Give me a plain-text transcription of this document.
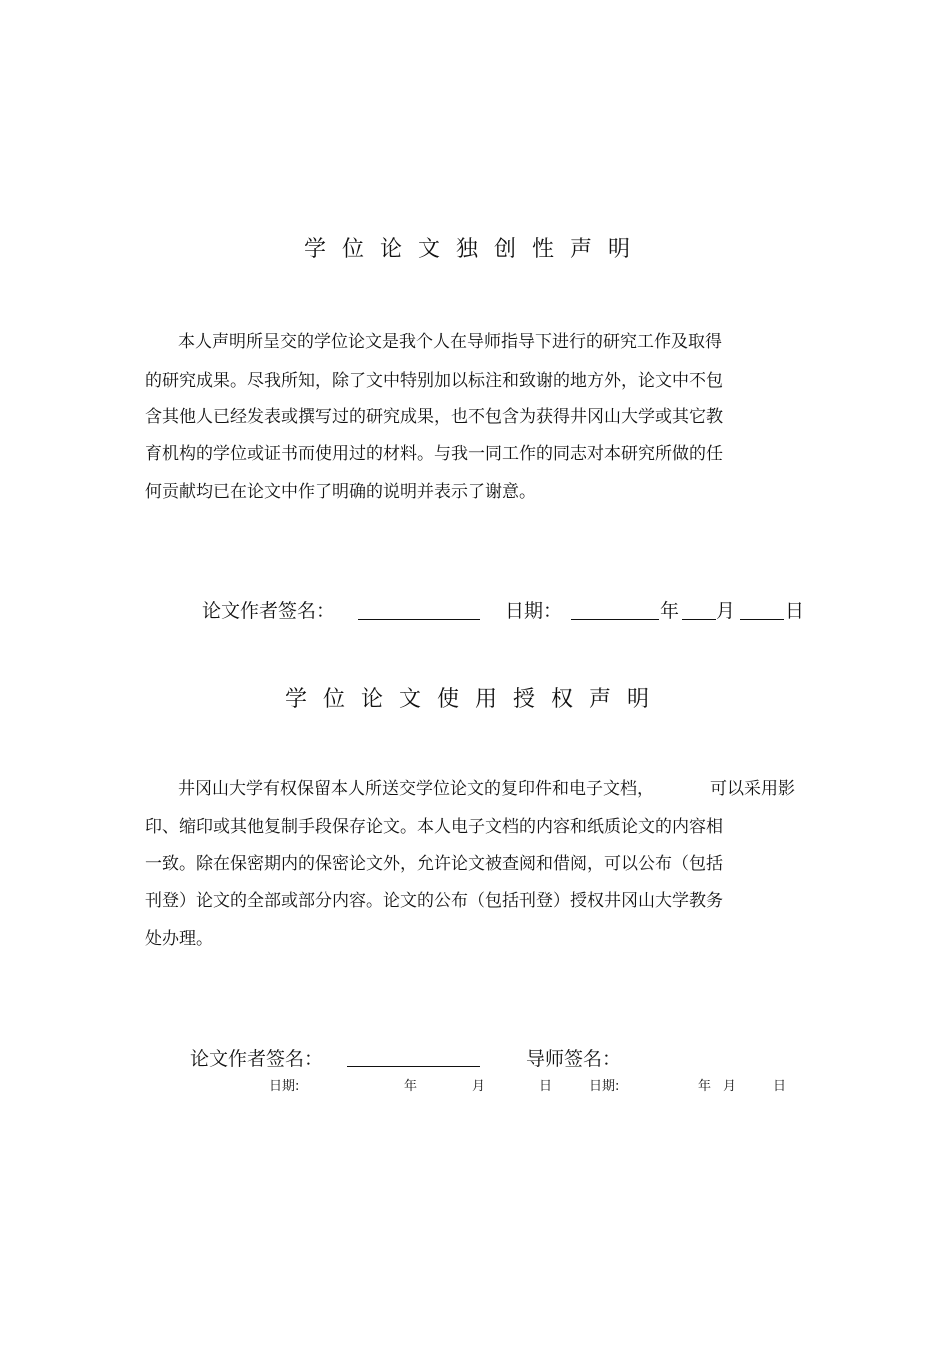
学位论文独创性声明
本人声明所呈交的学位论文是我个人在导师指导下进行的研究工作及取得
的研究成果。尽我所知，除了文中特别加以标注和致谢的地方外，论文中不包
含其他人已经发表或撰写过的研究成果，也不包含为获得井冈山大学或其它教
育机构的学位或证书而使用过的材料。与我一同工作的同志对本研究所做的任
何贡献均已在论文中作了明确的说明并表示了谢意。
论文作者签名：	日期：	年 月	日
学位论文使用授权声明
井冈山大学有权保留本人所送交学位论文的复印件和电子文档，	可以采用影
印、缩印或其他复制手段保存论文。本人电子文档的内容和纸质论文的内容相
一致。除在保密期内的保密论文外，允许论文被查阅和借阅，可以公布（包括
刊登）论文的全部或部分内容。论文的公布（包括刊登）授权井冈山大学教务
处办理。
论文作者签名：	导师签名：
日期:	年	月	日	日期:	年 月	日
